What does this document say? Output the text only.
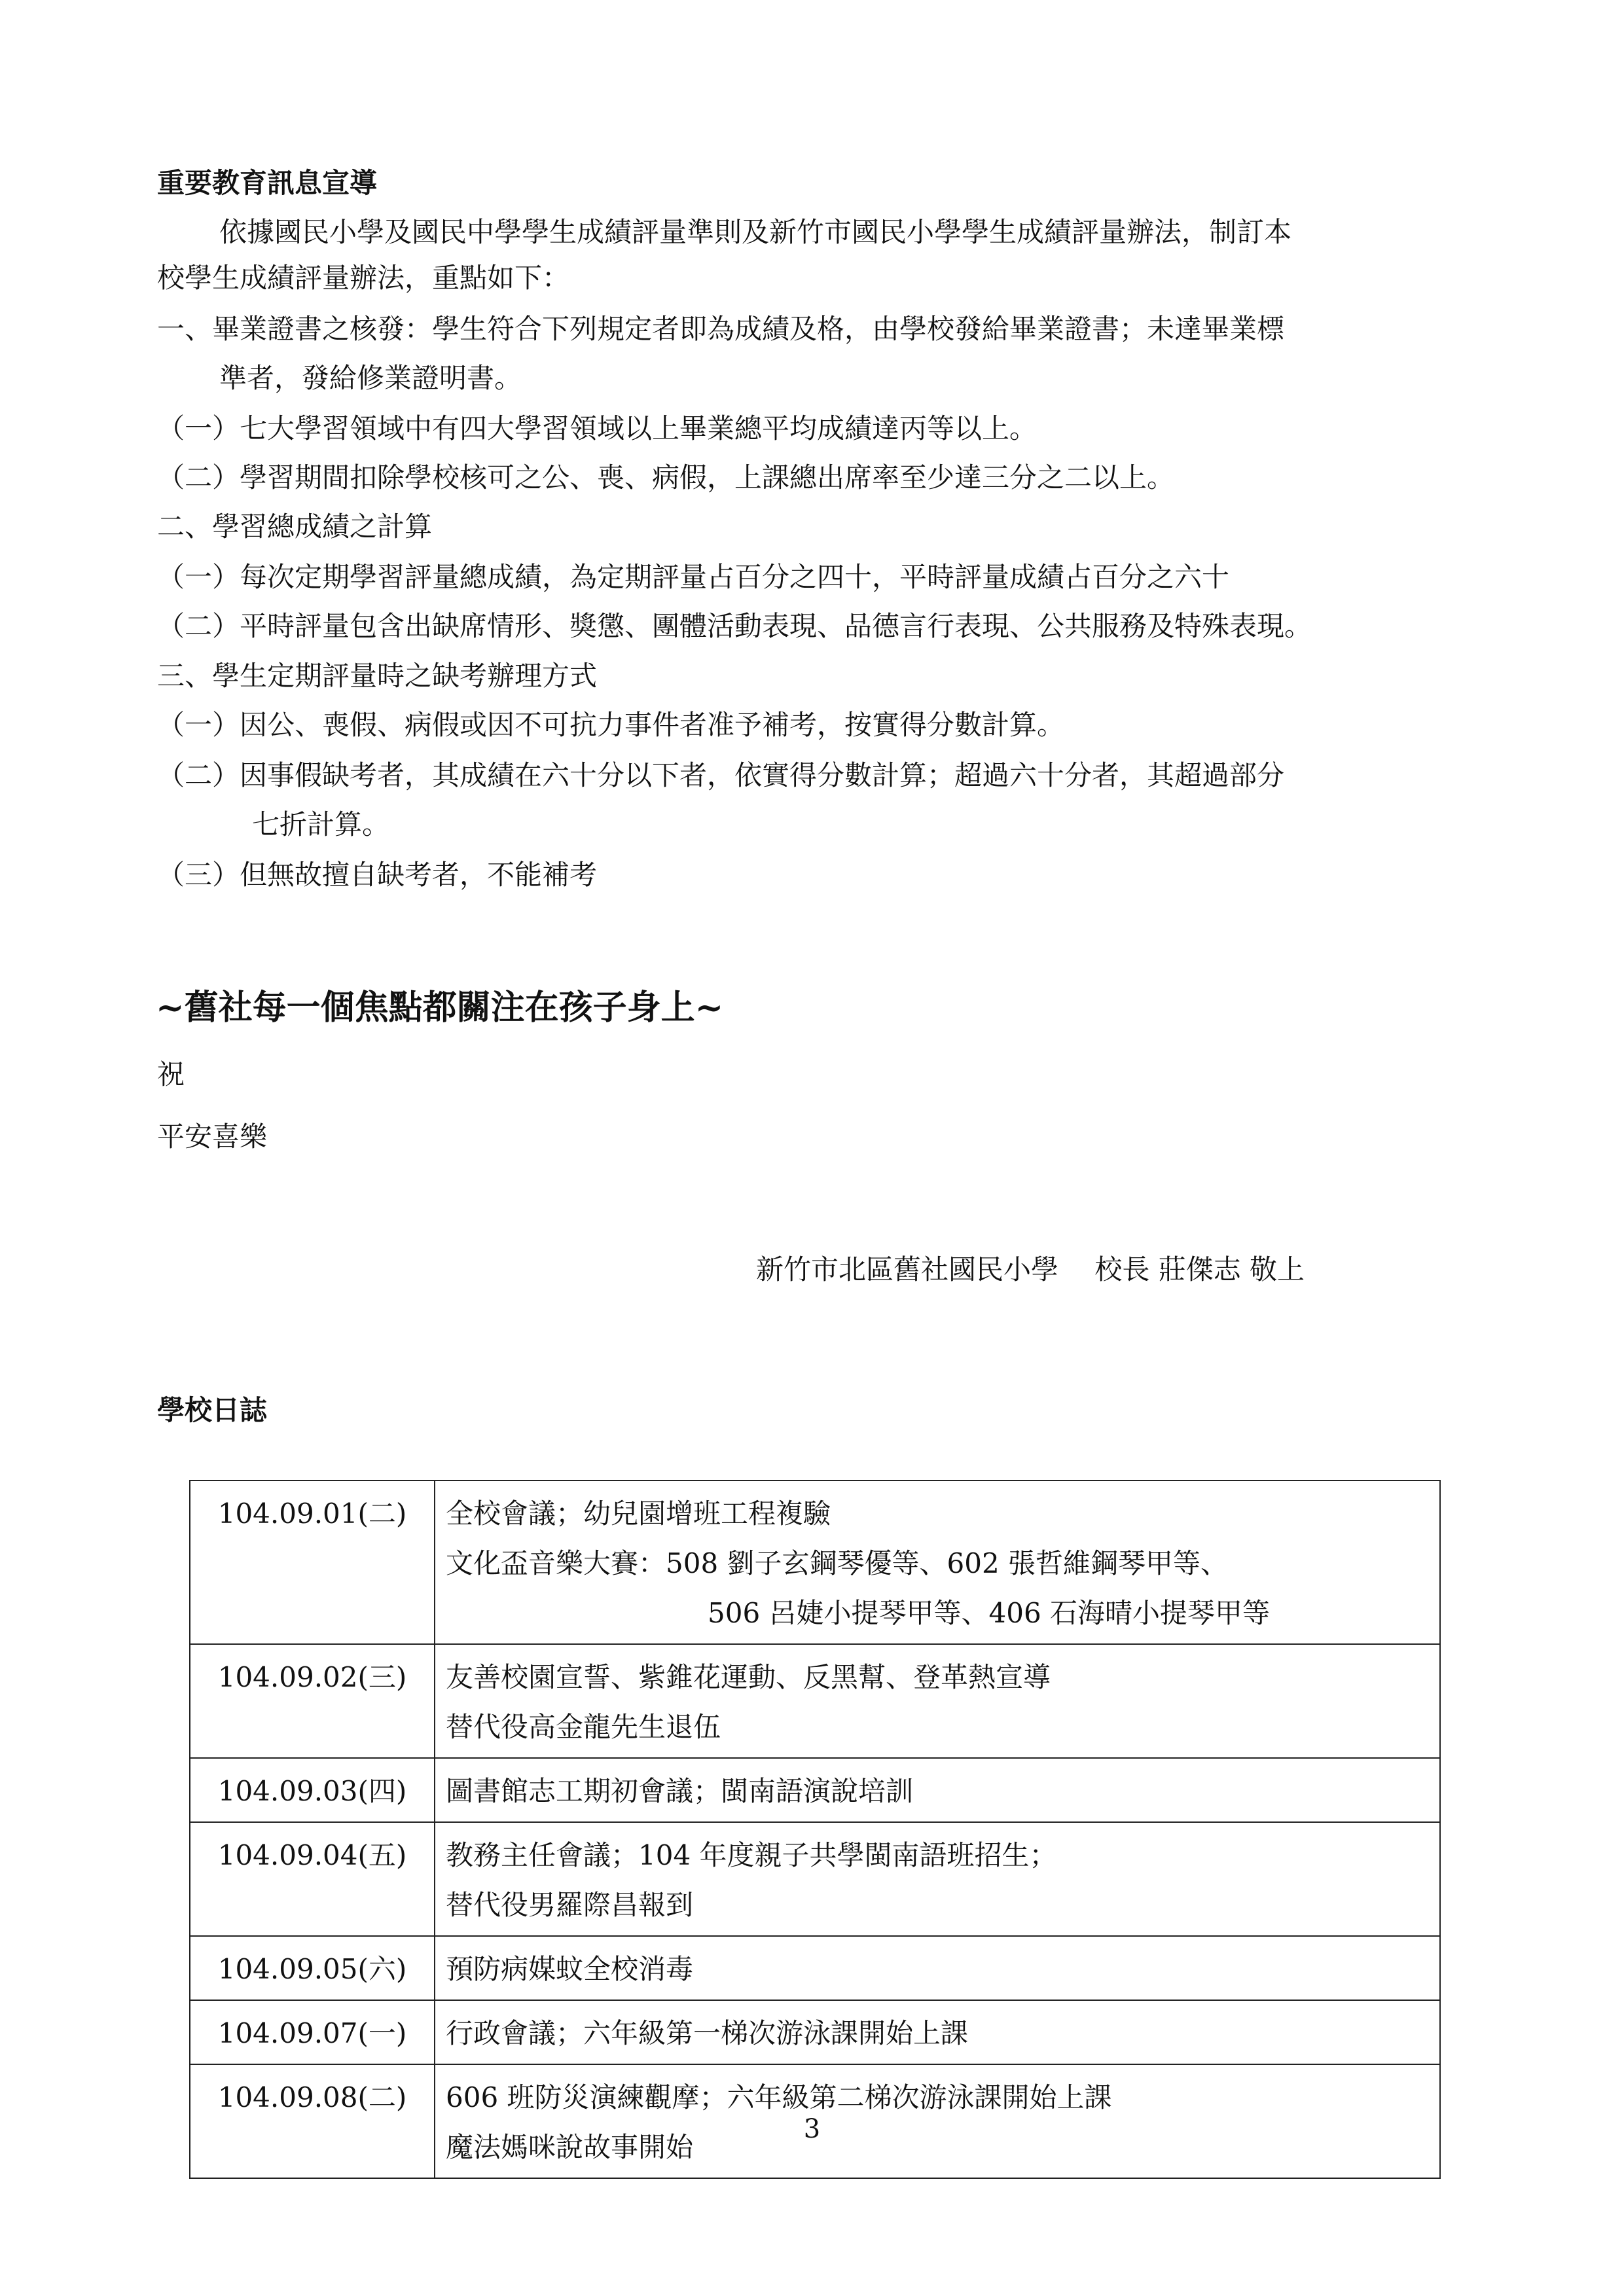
重要教育訊息宣導
依據國民小學及國民中學學生成績評量準則及新竹市國民小學學生成績評量辦法，制訂本
校學生成績評量辦法，重點如下：
一、畢業證書之核發：學生符合下列規定者即為成績及格，由學校發給畢業證書；未達畢業標
準者，發給修業證明書。
（一）七大學習領域中有四大學習領域以上畢業總平均成績達丙等以上。
（二）學習期間扣除學校核可之公、喪、病假，上課總出席率至少達三分之二以上。
二、學習總成績之計算
（一）每次定期學習評量總成績，為定期評量占百分之四十，平時評量成績占百分之六十
（二）平時評量包含出缺席情形、獎懲、團體活動表現、品德言行表現、公共服務及特殊表現。
三、學生定期評量時之缺考辦理方式
（一）因公、喪假、病假或因不可抗力事件者准予補考，按實得分數計算。
（二）因事假缺考者，其成績在六十分以下者，依實得分數計算；超過六十分者，其超過部分
七折計算。
（三）但無故擅自缺考者，不能補考
~舊社每一個焦點都關注在孩子身上~
祝
平安喜樂
新竹市北區舊社國民小學　 校長 莊傑志 敬上
學校日誌
104.09.01(二)	全校會議；幼兒園增班工程複驗
文化盃音樂大賽：508 劉子玄鋼琴優等、602 張哲維鋼琴甲等、
506 呂婕小提琴甲等、406 石海晴小提琴甲等

104.09.02(三)	友善校園宣誓、紫錐花運動、反黑幫、登革熱宣導
替代役高金龍先生退伍

104.09.03(四)	圖書館志工期初會議；閩南語演說培訓

104.09.04(五)	教務主任會議；104 年度親子共學閩南語班招生；
替代役男羅際昌報到

104.09.05(六)	預防病媒蚊全校消毒

104.09.07(一)	行政會議；六年級第一梯次游泳課開始上課

104.09.08(二)	606 班防災演練觀摩；六年級第二梯次游泳課開始上課
魔法媽咪說故事開始
3
